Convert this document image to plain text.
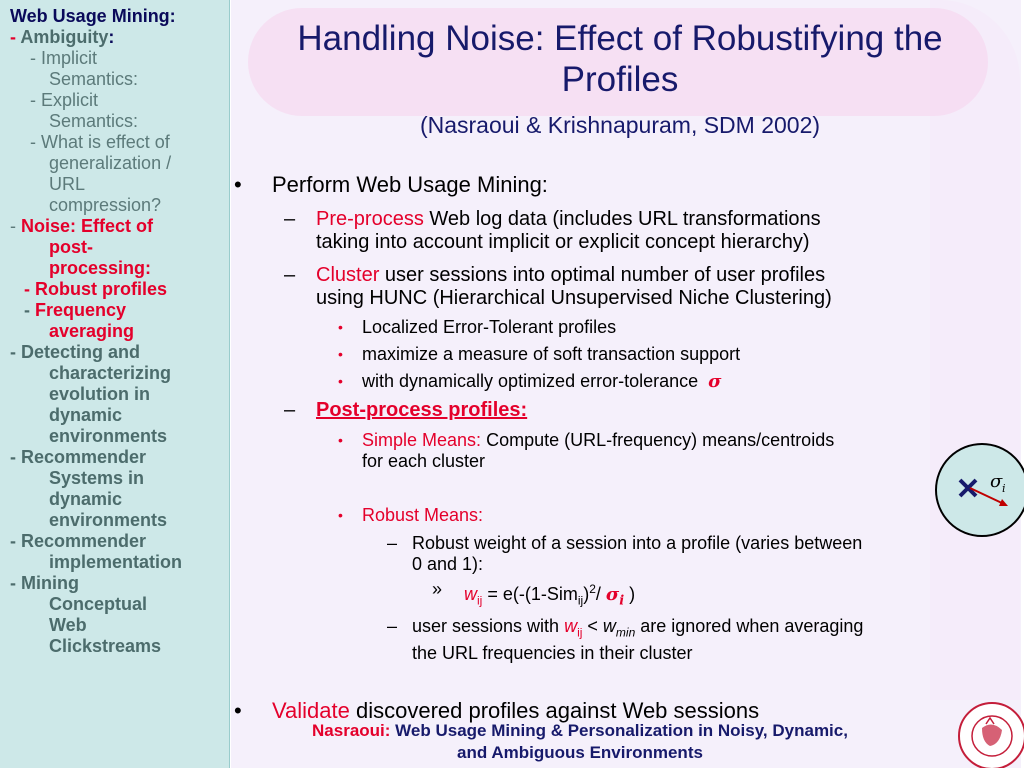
Web Usage Mining:
- Ambiguity:
- Implicit
Semantics:
- Explicit
Semantics:
- What is effect of
generalization /
URL
compression?
- Noise: Effect of
post-
processing:
- Robust profiles
- Frequency
averaging
- Detecting and
characterizing
evolution in
dynamic
environments
- Recommender
Systems in
dynamic
environments
- Recommender
implementation
- Mining
Conceptual
Web
Clickstreams
Handling Noise: Effect of Robustifying the
Profiles
(Nasraoui & Krishnapuram, SDM 2002)
• Perform Web Usage Mining:
– Pre-process Web log data (includes URL transformations
taking into account implicit or explicit concept hierarchy)
– Cluster user sessions into optimal number of user profiles
using HUNC (Hierarchical Unsupervised Niche Clustering)
• Localized Error-Tolerant profiles
• maximize a measure of soft transaction support
• with dynamically optimized error-tolerance σ
– Post-process profiles:
• Simple Means: Compute (URL-frequency) means/centroids
for each cluster
• Robust Means:
– Robust weight of a session into a profile (varies between
0 and 1):
» $w_{ij} = e(-(1-Sim_{ij})^2/$ $\sigma_i$ )
– user sessions with $w_{ij} < w_{min}$ are ignored when averaging
the URL frequencies in their cluster
• Validate discovered profiles against Web sessions
σ i
Nasraoui: Web Usage Mining & Personalization in Noisy, Dynamic,
and Ambiguous Environments
